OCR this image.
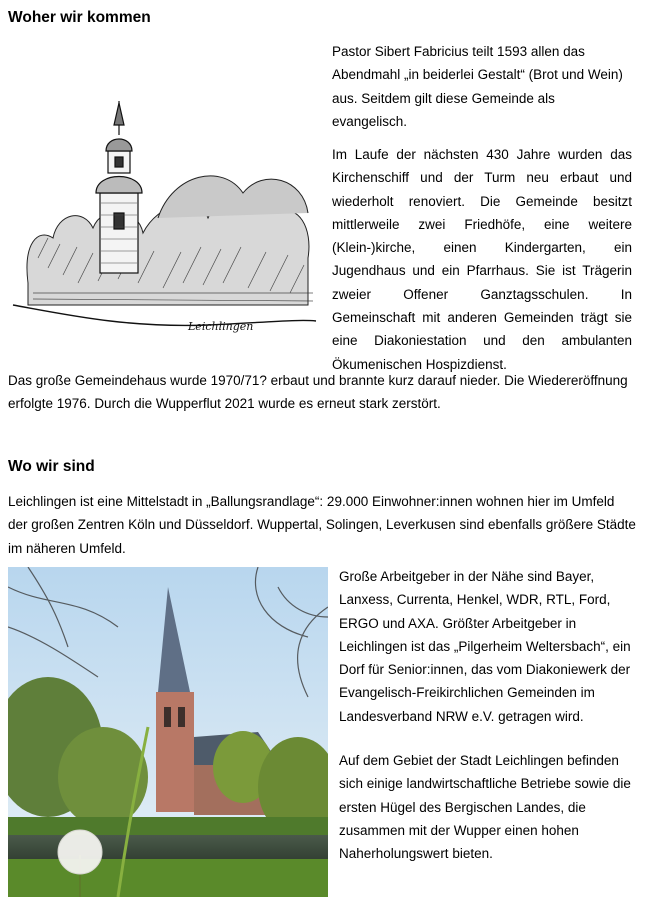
Woher wir kommen
Leichlingen

Pastor Sibert Fabricius teilt 1593 allen das Abendmahl „in beiderlei Gestalt“ (Brot und Wein) aus. Seitdem gilt diese Gemeinde als evangelisch.

Im Laufe der nächsten 430 Jahre wurden das Kirchenschiff und der Turm neu erbaut und wiederholt renoviert. Die Gemeinde besitzt mittlerweile zwei Friedhöfe, eine weitere (Klein-)kirche, einen Kindergarten, ein Jugendhaus und ein Pfarrhaus. Sie ist Trägerin zweier Offener Ganztagsschulen. In Gemeinschaft mit anderen Gemeinden trägt sie eine Diakoniestation und den ambulanten Ökumenischen Hospizdienst.

Das große Gemeindehaus wurde 1970/71? erbaut und brannte kurz darauf nieder. Die Wiedereröffnung erfolgte 1976. Durch die Wupperflut 2021 wurde es erneut stark zerstört.

Wo wir sind

Leichlingen ist eine Mittelstadt in „Ballungsrandlage“: 29.000 Einwohner:innen wohnen hier im Umfeld der großen Zentren Köln und Düsseldorf. Wuppertal, Solingen, Leverkusen sind ebenfalls größere Städte im näheren Umfeld.

Große Arbeitgeber in der Nähe sind Bayer, Lanxess, Currenta, Henkel, WDR, RTL, Ford, ERGO und AXA. Größter Arbeitgeber in Leichlingen ist das „Pilgerheim Weltersbach“, ein Dorf für Senior:innen, das vom Diakoniewerk der Evangelisch-Freikirchlichen Gemeinden im Landesverband NRW e.V. getragen wird.

Auf dem Gebiet der Stadt Leichlingen befinden sich einige landwirtschaftliche Betriebe sowie die ersten Hügel des Bergischen Landes, die zusammen mit der Wupper einen hohen Naherholungswert bieten.
